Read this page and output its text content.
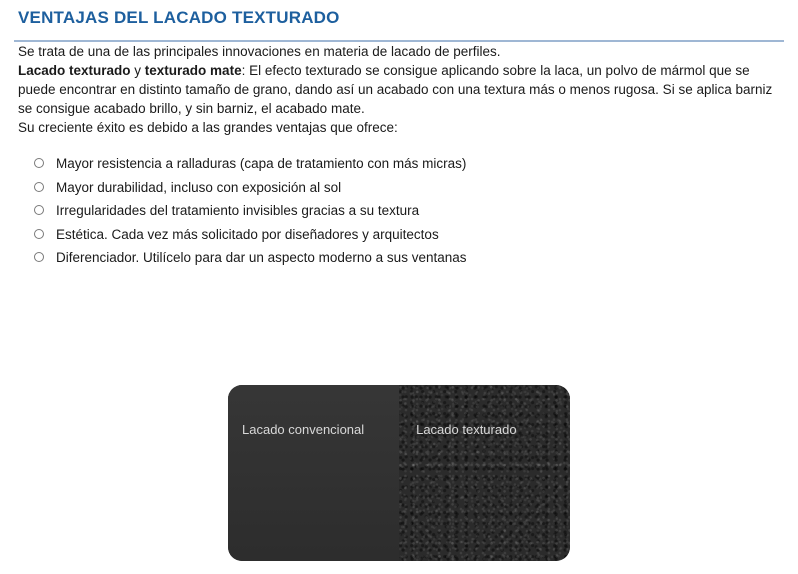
VENTAJAS DEL LACADO TEXTURADO

Se trata de una de las principales innovaciones en materia de lacado de perfiles.

Lacado texturado y texturado mate: El efecto texturado se consigue aplicando sobre la laca, un polvo de mármol que se puede encontrar en distinto tamaño de grano, dando así un acabado con una textura más o menos rugosa. Si se aplica barniz se consigue acabado brillo, y sin barniz, el acabado mate.

Su creciente éxito es debido a las grandes ventajas que ofrece:

Mayor resistencia a ralladuras (capa de tratamiento con más micras)
Mayor durabilidad, incluso con exposición al sol
Irregularidades del tratamiento invisibles gracias a su textura
Estética. Cada vez más solicitado por diseñadores y arquitectos
Diferenciador. Utilícelo para dar un aspecto moderno a sus ventanas
Lacado convencional	Lacado texturado
